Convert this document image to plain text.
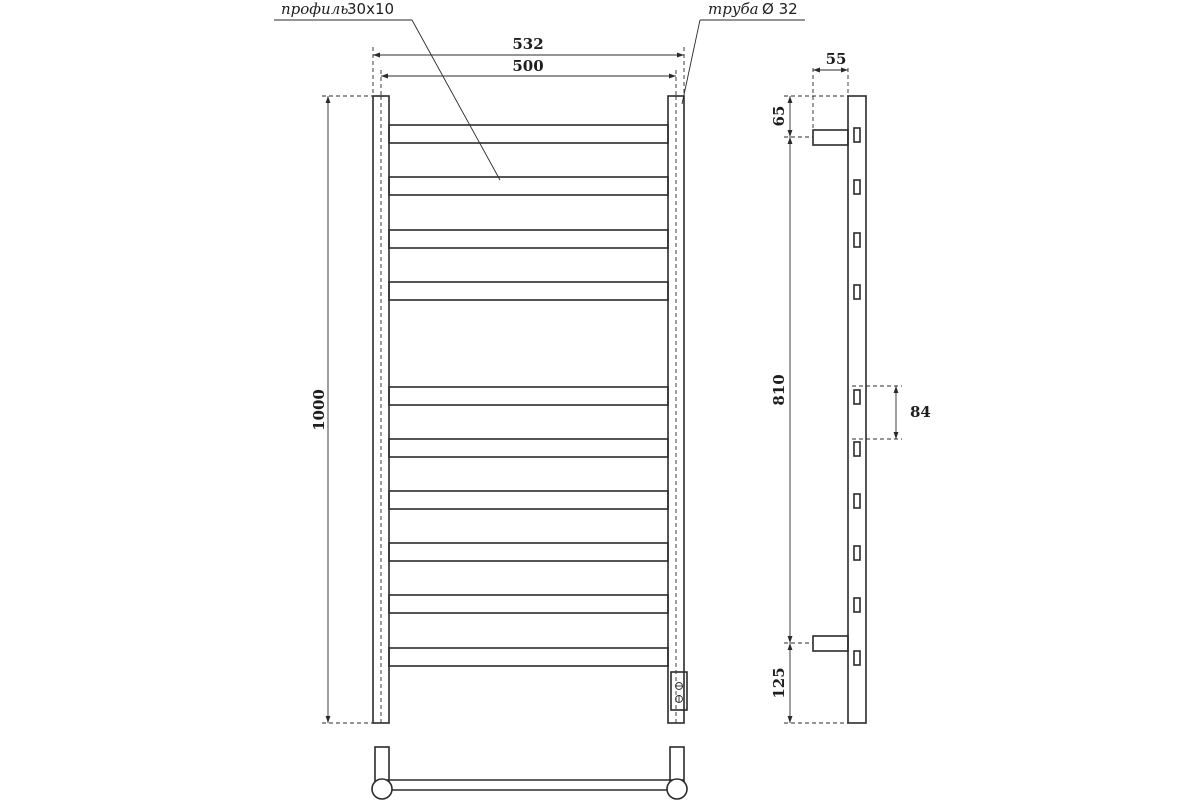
профиль
30x10	труба Ø 32
532
500	55
84
1000
65
810
125
